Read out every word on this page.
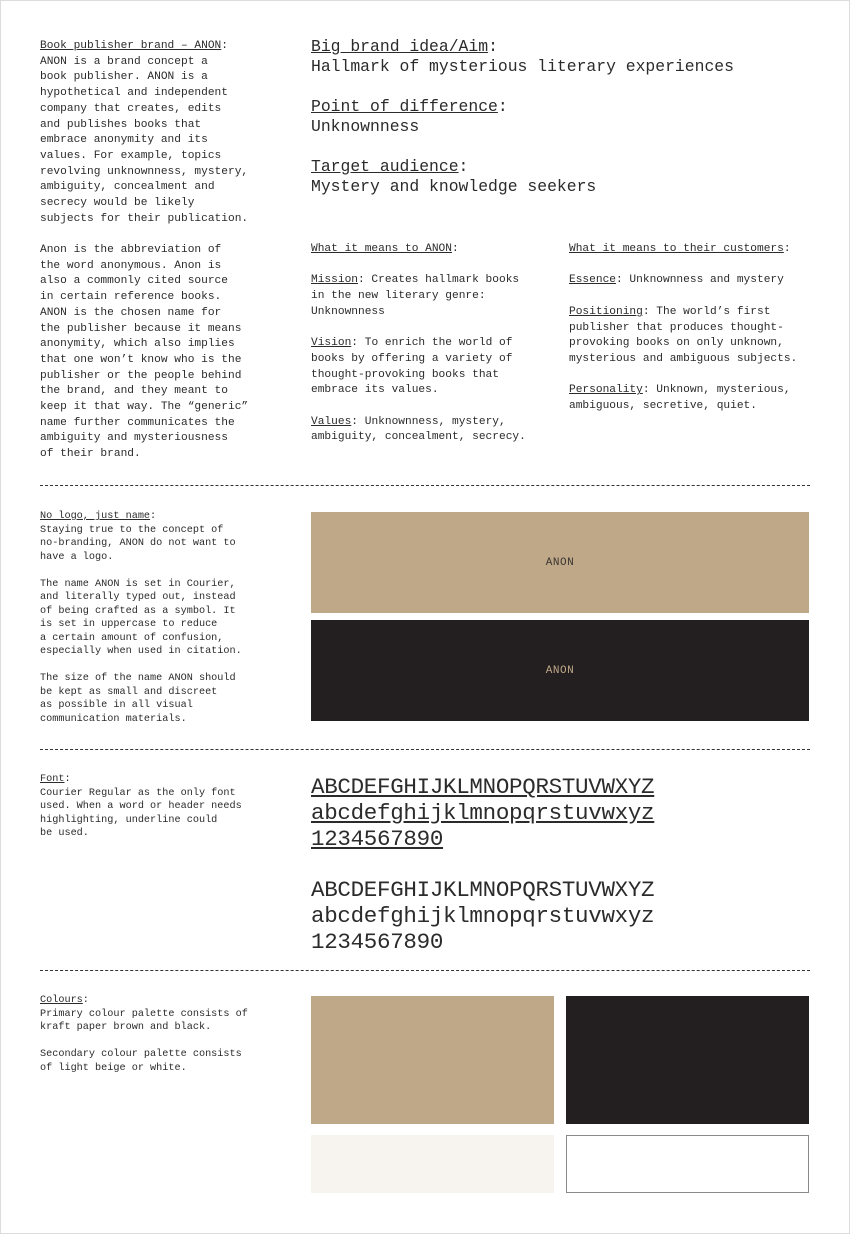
Book publisher brand – ANON:
ANON is a brand concept a
book publisher. ANON is a
hypothetical and independent
company that creates, edits
and publishes books that
embrace anonymity and its
values. For example, topics
revolving unknownness, mystery,
ambiguity, concealment and
secrecy would be likely
subjects for their publication.
Anon is the abbreviation of
the word anonymous. Anon is
also a commonly cited source
in certain reference books.
ANON is the chosen name for
the publisher because it means
anonymity, which also implies
that one won’t know who is the
publisher or the people behind
the brand, and they meant to
keep it that way. The “generic”
name further communicates the
ambiguity and mysteriousness
of their brand.
Big brand idea/Aim:
Hallmark of mysterious literary experiences
Point of difference:
Unknownness
Target audience:
Mystery and knowledge seekers
What it means to ANON:

Mission: Creates hallmark books
in the new literary genre:
Unknownness

Vision: To enrich the world of
books by offering a variety of
thought-provoking books that
embrace its values.

Values: Unknownness, mystery,
ambiguity, concealment, secrecy.
What it means to their customers:

Essence: Unknownness and mystery

Positioning: The world’s first
publisher that produces thought-
provoking books on only unknown,
mysterious and ambiguous subjects.

Personality: Unknown, mysterious,
ambiguous, secretive, quiet.
No logo, just name:
Staying true to the concept of
no-branding, ANON do not want to
have a logo.

The name ANON is set in Courier,
and literally typed out, instead
of being crafted as a symbol. It
is set in uppercase to reduce
a certain amount of confusion,
especially when used in citation.

The size of the name ANON should
be kept as small and discreet
as possible in all visual
communication materials.
ANON
ANON
Font:
Courier Regular as the only font
used. When a word or header needs
highlighting, underline could
be used.
ABCDEFGHIJKLMNOPQRSTUVWXYZ
abcdefghijklmnopqrstuvwxyz
1234567890
ABCDEFGHIJKLMNOPQRSTUVWXYZ
abcdefghijklmnopqrstuvwxyz
1234567890
Colours:
Primary colour palette consists of
kraft paper brown and black.

Secondary colour palette consists
of light beige or white.
